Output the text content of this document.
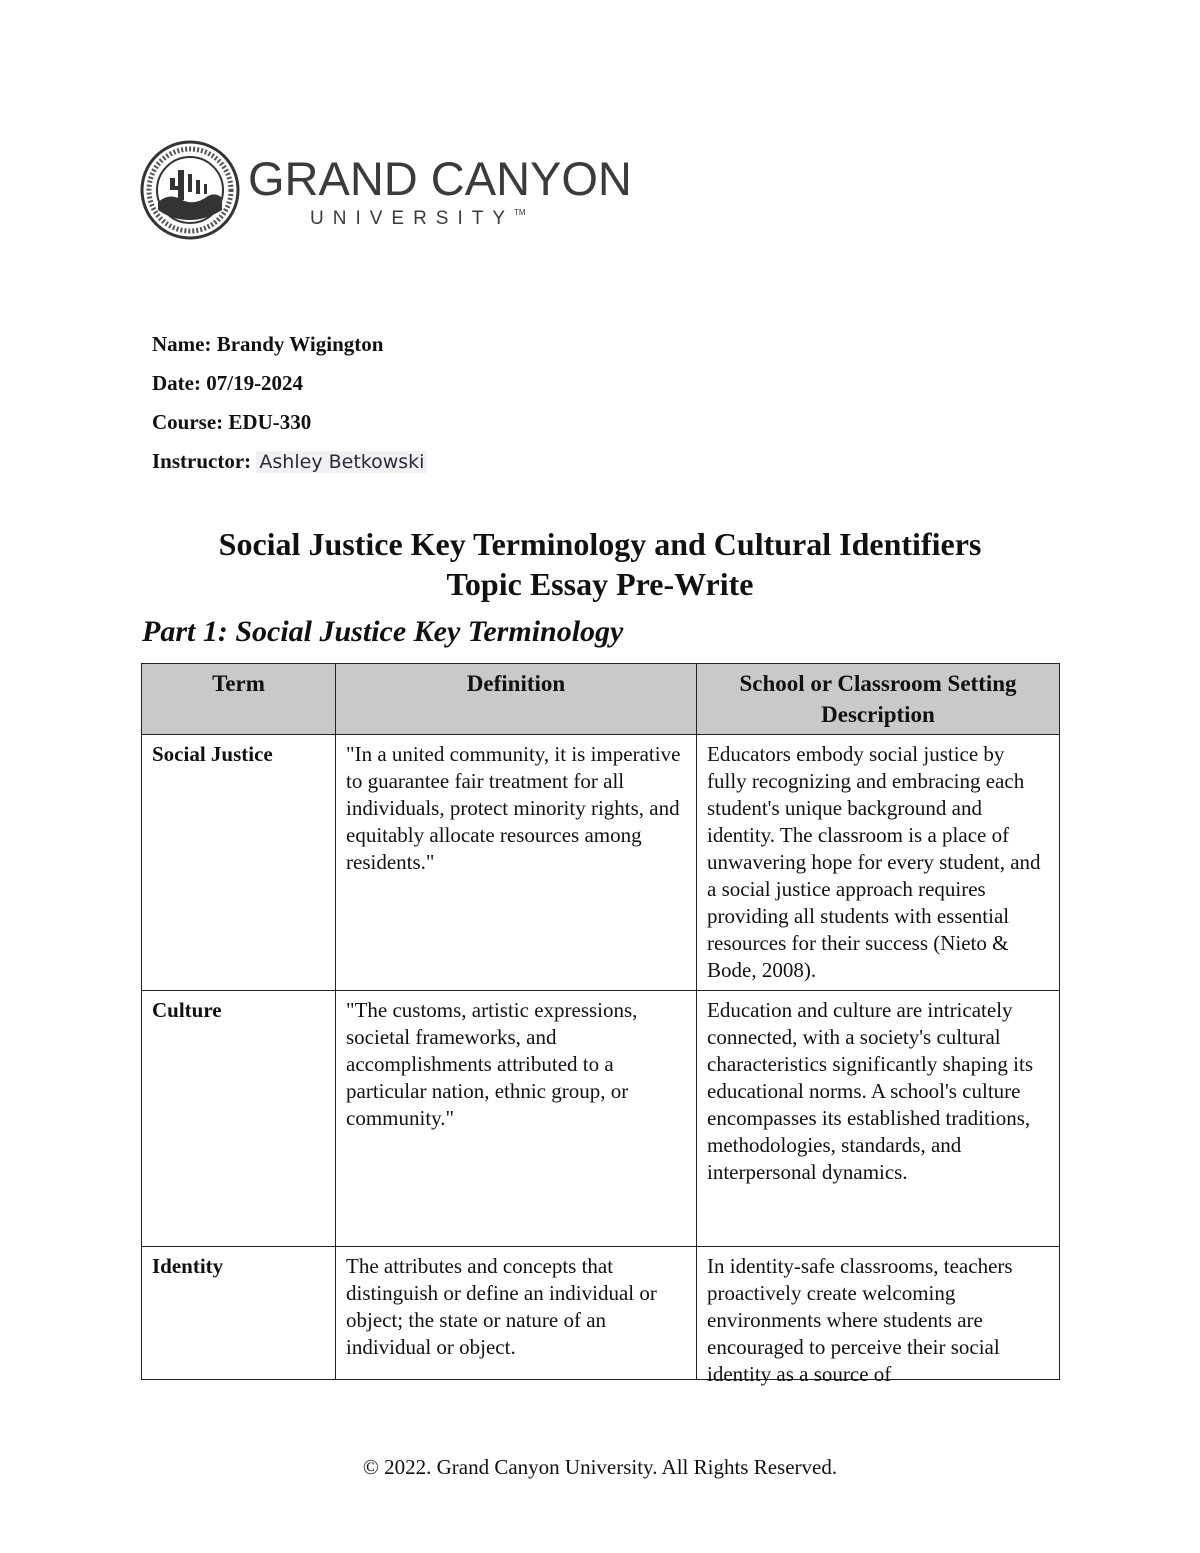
GRAND CANYON
UNIVERSITY™
Name: Brandy Wigington
Date: 07/19-2024
Course: EDU-330
Instructor: Ashley Betkowski
Social Justice Key Terminology and Cultural Identifiers
Topic Essay Pre-Write
Part 1: Social Justice Key Terminology
Term	Definition	School or Classroom Setting Description
Social Justice	"In a united community, it is imperative to guarantee fair treatment for all individuals, protect minority rights, and equitably allocate resources among residents."	Educators embody social justice by fully recognizing and embracing each student's unique background and identity. The classroom is a place of unwavering hope for every student, and a social justice approach requires providing all students with essential resources for their success (Nieto & Bode, 2008).
Culture	"The customs, artistic expressions, societal frameworks, and accomplishments attributed to a particular nation, ethnic group, or community."	Education and culture are intricately connected, with a society's cultural characteristics significantly shaping its educational norms. A school's culture encompasses its established traditions, methodologies, standards, and interpersonal dynamics.
Identity	The attributes and concepts that distinguish or define an individual or object; the state or nature of an individual or object.	In identity-safe classrooms, teachers proactively create welcoming environments where students are encouraged to perceive their social identity as a source of
© 2022. Grand Canyon University. All Rights Reserved.
